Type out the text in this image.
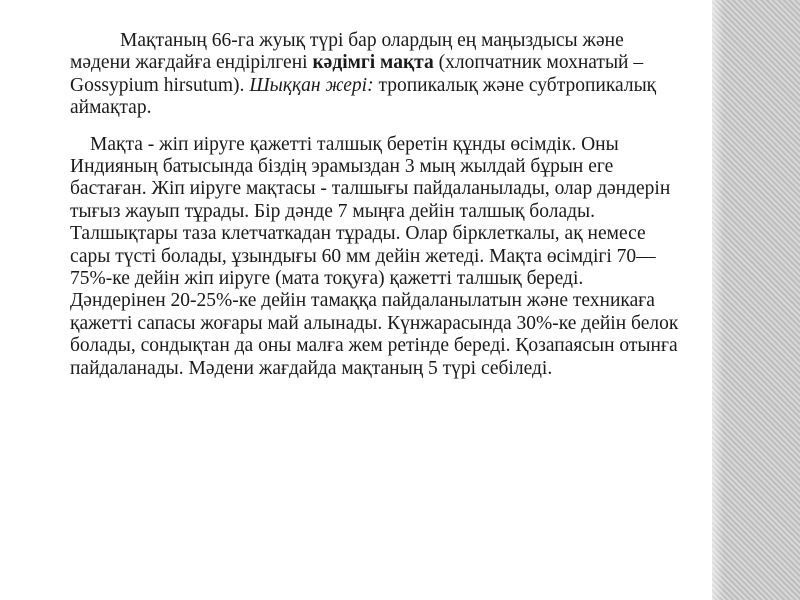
Мақтаның 66-га жуық түрі бар олардың ең маңыздысы және мәдени жағдайға ендірілгені кәдімгі мақта (хлопчатник мохнатый – Gossypium hirsutum). Шыққан жері: тропикалық және субтропикалық аймақтар.

Мақта - жіп иіруге қажетті талшық беретін құнды өсімдік. Оны Индияның батысында біздің эрамыздан 3 мың жылдай бұрын еге бастаған. Жіп иіруге мақтасы - талшығы пайдаланылады, олар дәндерін тығыз жауып тұрады. Бір дәнде 7 мыңға дейін талшық болады. Талшықтары таза клетчаткадан тұрады. Олар бірклеткалы, ақ немесе сары түсті болады, ұзындығы 60 мм дейін жетеді. Мақта өсімдігі 70—75%-ке дейін жіп иіруге (мата тоқуға) қажетті талшық береді. Дәндерінен 20-25%-ке дейін тамаққа пайдаланылатын және техникаға қажетті сапасы жоғары май алынады. Күнжарасында 30%-ке дейін белок болады, сондықтан да оны малға жем ретінде береді. Қозапаясын отынға пайдаланады. Мәдени жағдайда мақтаның 5 түрі себіледі.
